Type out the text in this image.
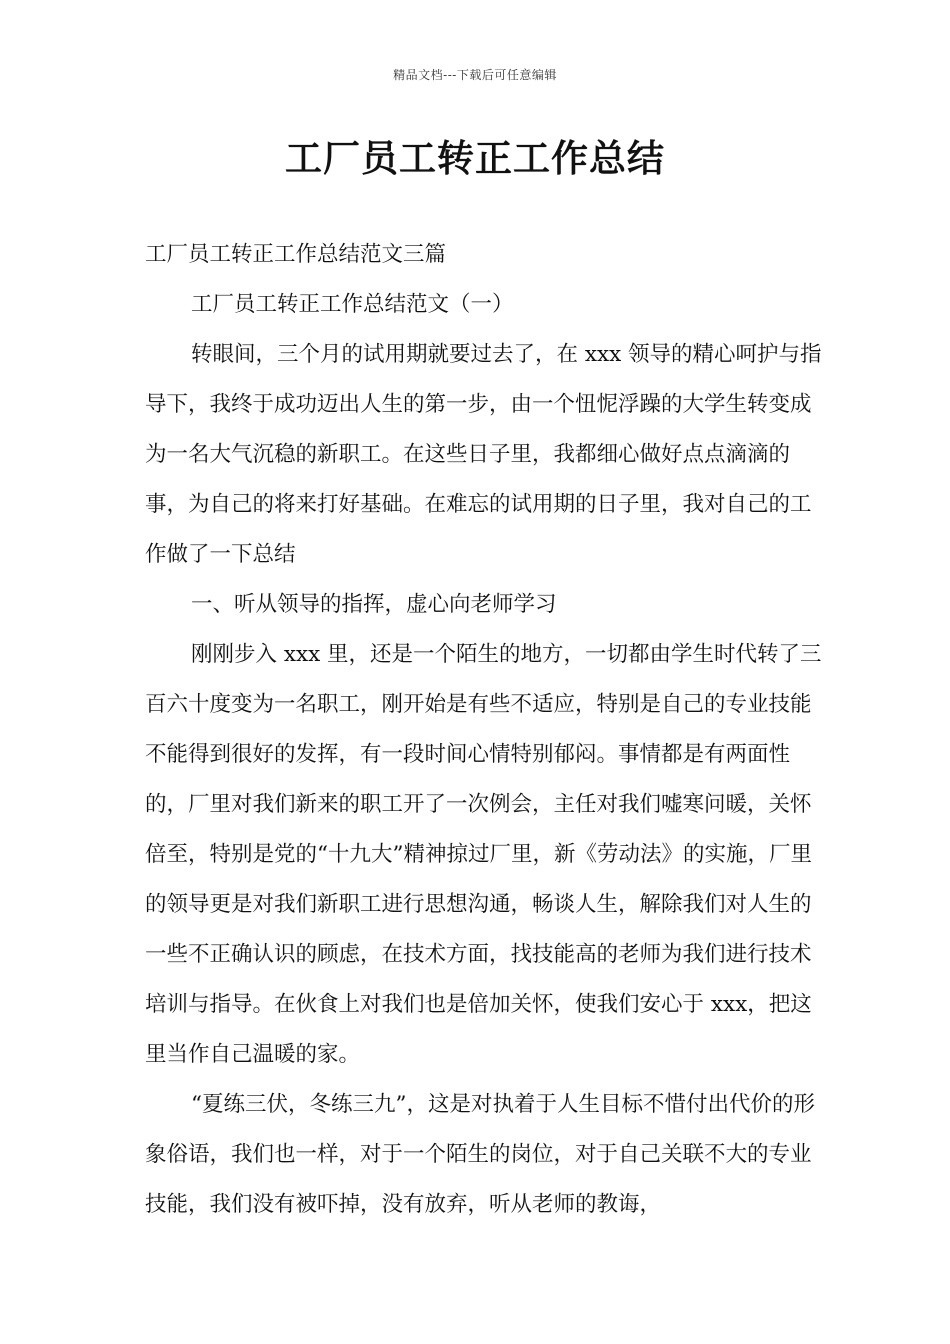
精品文档---下载后可任意编辑
工厂员工转正工作总结

工厂员工转正工作总结范文三篇

工厂员工转正工作总结范文（一）

转眼间，三个月的试用期就要过去了，在 xxx 领导的精心呵护与指导下，我终于成功迈出人生的第一步，由一个忸怩浮躁的大学生转变成为一名大气沉稳的新职工。在这些日子里，我都细心做好点点滴滴的事，为自己的将来打好基础。在难忘的试用期的日子里，我对自己的工作做了一下总结

一、听从领导的指挥，虚心向老师学习

刚刚步入 xxx 里，还是一个陌生的地方，一切都由学生时代转了三百六十度变为一名职工，刚开始是有些不适应，特别是自己的专业技能不能得到很好的发挥，有一段时间心情特别郁闷。事情都是有两面性的，厂里对我们新来的职工开了一次例会，主任对我们嘘寒问暖，关怀倍至，特别是党的“十九大”精神掠过厂里，新《劳动法》的实施，厂里的领导更是对我们新职工进行思想沟通，畅谈人生，解除我们对人生的一些不正确认识的顾虑，在技术方面，找技能高的老师为我们进行技术培训与指导。在伙食上对我们也是倍加关怀，使我们安心于 xxx，把这里当作自己温暖的家。

“夏练三伏，冬练三九”，这是对执着于人生目标不惜付出代价的形象俗语，我们也一样，对于一个陌生的岗位，对于自己关联不大的专业技能，我们没有被吓掉，没有放弃，听从老师的教诲，
